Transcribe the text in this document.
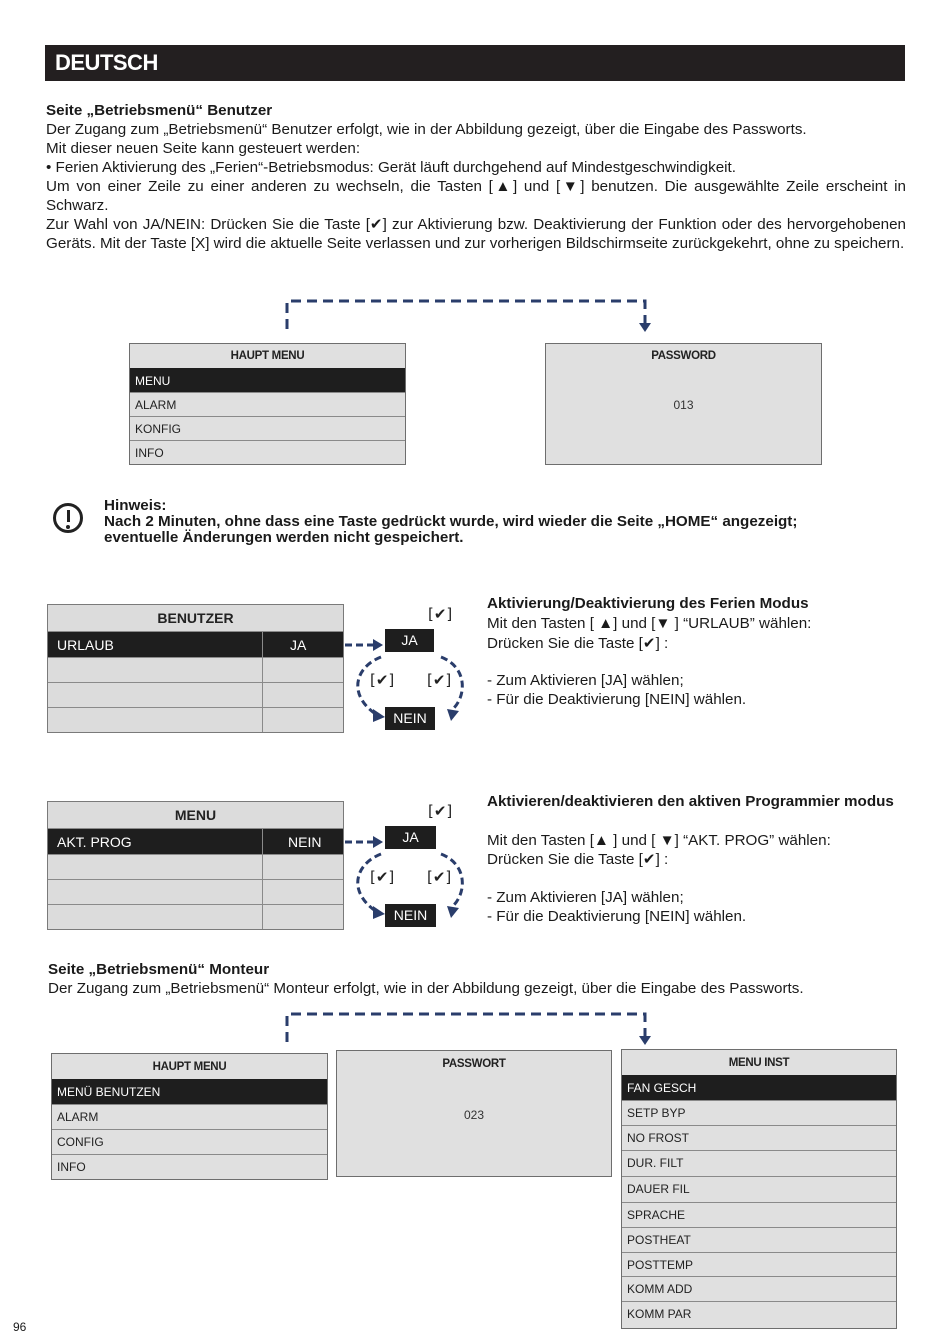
DEUTSCH
Seite „Betriebsmenü“ Benutzer
Der Zugang zum „Betriebsmenü“ Benutzer erfolgt, wie in der Abbildung gezeigt, über die Eingabe des Passworts.
Mit dieser neuen Seite kann gesteuert werden:
• Ferien Aktivierung des „Ferien“-Betriebsmodus: Gerät läuft durchgehend auf Mindestgeschwindigkeit.
Um von einer Zeile zu einer anderen zu wechseln, die Tasten [▲] und [▼] benutzen. Die ausgewählte Zeile erscheint in Schwarz.
Zur Wahl von JA/NEIN: Drücken Sie die Taste [✔] zur Aktivierung bzw. Deaktivierung der Funktion oder des hervorgehobenen Geräts. Mit der Taste [X] wird die aktuelle Seite verlassen und zur vorherigen Bildschirmseite zurückgekehrt, ohne zu speichern.
HAUPT MENU
MENU
ALARM
KONFIG
INFO
PASSWORD
013
Hinweis:
Nach 2 Minuten, ohne dass eine Taste gedrückt wurde, wird wieder die Seite „HOME“ angezeigt;
eventuelle Änderungen werden nicht gespeichert.
BENUTZER
URLAUB	JA
[✔]
JA
[✔] [✔]
NEIN
Aktivierung/Deaktivierung des Ferien Modus
Mit den Tasten [ ▲] und [▼ ] “URLAUB” wählen:
Drücken Sie die Taste [✔] :
- Zum Aktivieren [JA] wählen;
- Für die Deaktivierung [NEIN] wählen.
MENU
AKT. PROG	NEIN
[✔]
JA
[✔] [✔]
NEIN
Aktivieren/deaktivieren den aktiven Programmier modus
Mit den Tasten [▲ ] und [ ▼] “AKT. PROG” wählen:
Drücken Sie die Taste [✔] :
- Zum Aktivieren [JA] wählen;
- Für die Deaktivierung [NEIN] wählen.
Seite „Betriebsmenü“ Monteur
Der Zugang zum „Betriebsmenü“ Monteur erfolgt, wie in der Abbildung gezeigt, über die Eingabe des Passworts.
HAUPT MENU
MENÜ BENUTZEN
ALARM
CONFIG
INFO
PASSWORT
023
MENU INST
FAN GESCH
SETP BYP
NO FROST
DUR. FILT
DAUER FIL
SPRACHE
POSTHEAT
POSTTEMP
KOMM ADD
KOMM PAR
96
